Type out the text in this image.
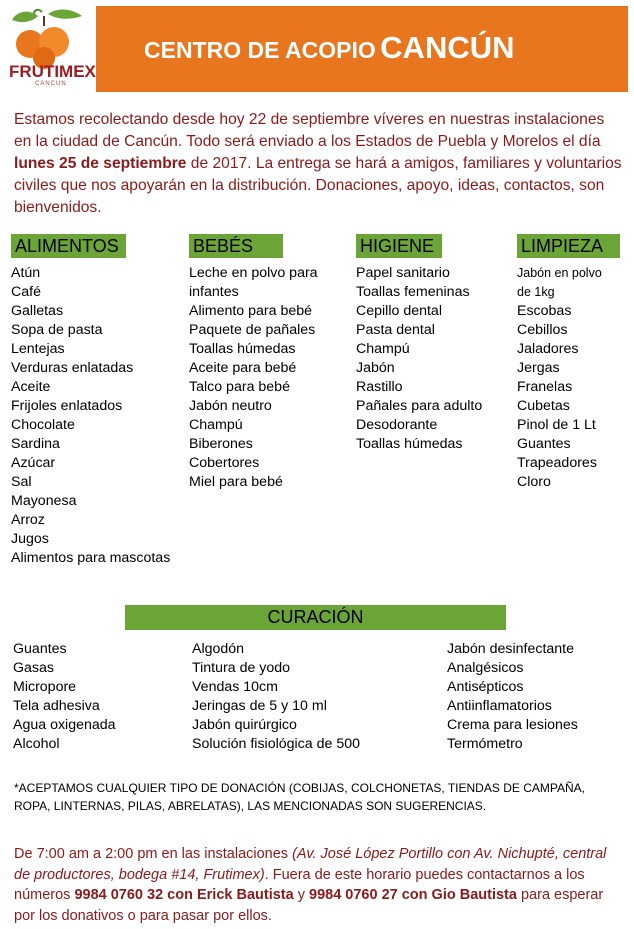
FRUTIMEX
CANCUN
CENTRO DE ACOPIO CANCÚN
Estamos recolectando desde hoy 22 de septiembre víveres en nuestras instalaciones en la ciudad de Cancún. Todo será enviado a los Estados de Puebla y Morelos el día lunes 25 de septiembre de 2017. La entrega se hará a amigos, familiares y voluntarios civiles que nos apoyarán en la distribución. Donaciones, apoyo, ideas, contactos, son bienvenidos.
ALIMENTOS
Atún
Café
Galletas
Sopa de pasta
Lentejas
Verduras enlatadas
Aceite
Frijoles enlatados
Chocolate
Sardina
Azúcar
Sal
Mayonesa
Arroz
Jugos
Alimentos para mascotas
BEBÉS
Leche en polvo para infantes
Alimento para bebé
Paquete de pañales
Toallas húmedas
Aceite para bebé
Talco para bebé
Jabón neutro
Champú
Biberones
Cobertores
Miel para bebé
HIGIENE
Papel sanitario
Toallas femeninas
Cepillo dental
Pasta dental
Champú
Jabón
Rastillo
Pañales para adulto
Desodorante
Toallas húmedas
LIMPIEZA
Jabón en polvo de 1kg
Escobas
Cebillos
Jaladores
Jergas
Franelas
Cubetas
Pinol de 1 Lt
Guantes
Trapeadores
Cloro
CURACIÓN
Guantes
Gasas
Micropore
Tela adhesiva
Agua oxigenada
Alcohol
Algodón
Tintura de yodo
Vendas 10cm
Jeringas de 5 y 10 ml
Jabón quirúrgico
Solución fisiológica de 500
Jabón desinfectante
Analgésicos
Antisépticos
Antiinflamatorios
Crema para lesiones
Termómetro
*ACEPTAMOS CUALQUIER TIPO DE DONACIÓN (COBIJAS, COLCHONETAS, TIENDAS DE CAMPAÑA, ROPA, LINTERNAS, PILAS, ABRELATAS), LAS MENCIONADAS SON SUGERENCIAS.
De 7:00 am a 2:00 pm en las instalaciones (Av. José López Portillo con Av. Nichupté, central de productores, bodega #14, Frutimex). Fuera de este horario puedes contactarnos a los números 9984 0760 32 con Erick Bautista y 9984 0760 27 con Gio Bautista para esperar por los donativos o para pasar por ellos.
